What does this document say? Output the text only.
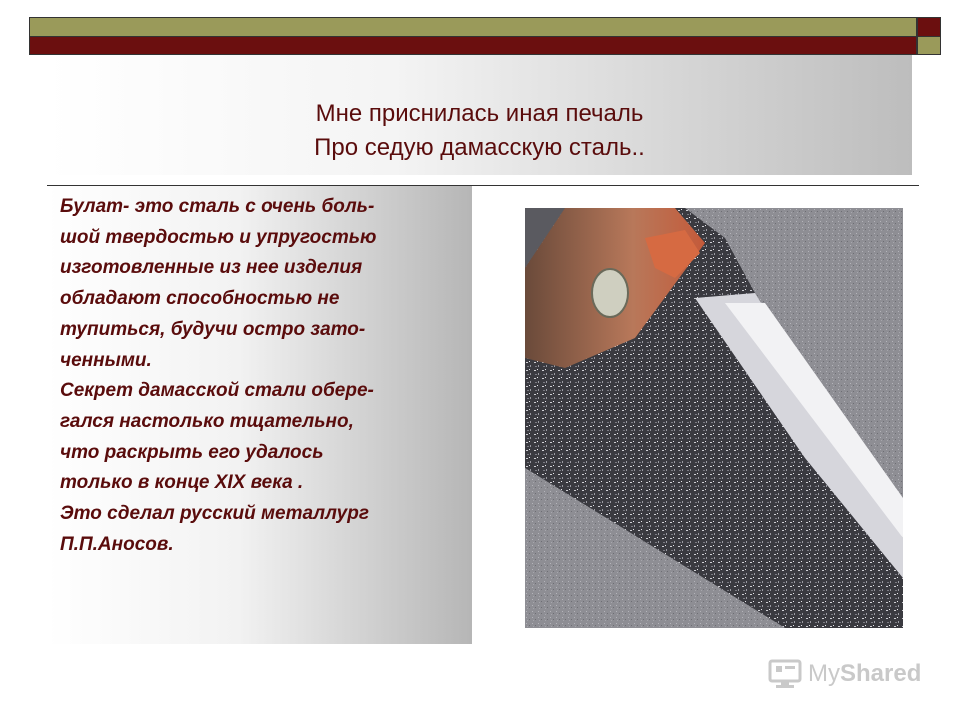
Мне приснилась иная печаль
Про седую дамасскую сталь..
Булат- это сталь с очень боль-
шой твердостью и упругостью
изготовленные из нее изделия
обладают способностью не
тупиться, будучи остро зато-
ченными.
Секрет дамасской стали обере-
гался настолько тщательно,
что раскрыть его удалось
только в конце XIX века .
Это сделал русский металлург
П.П.Аносов.
MyShared
